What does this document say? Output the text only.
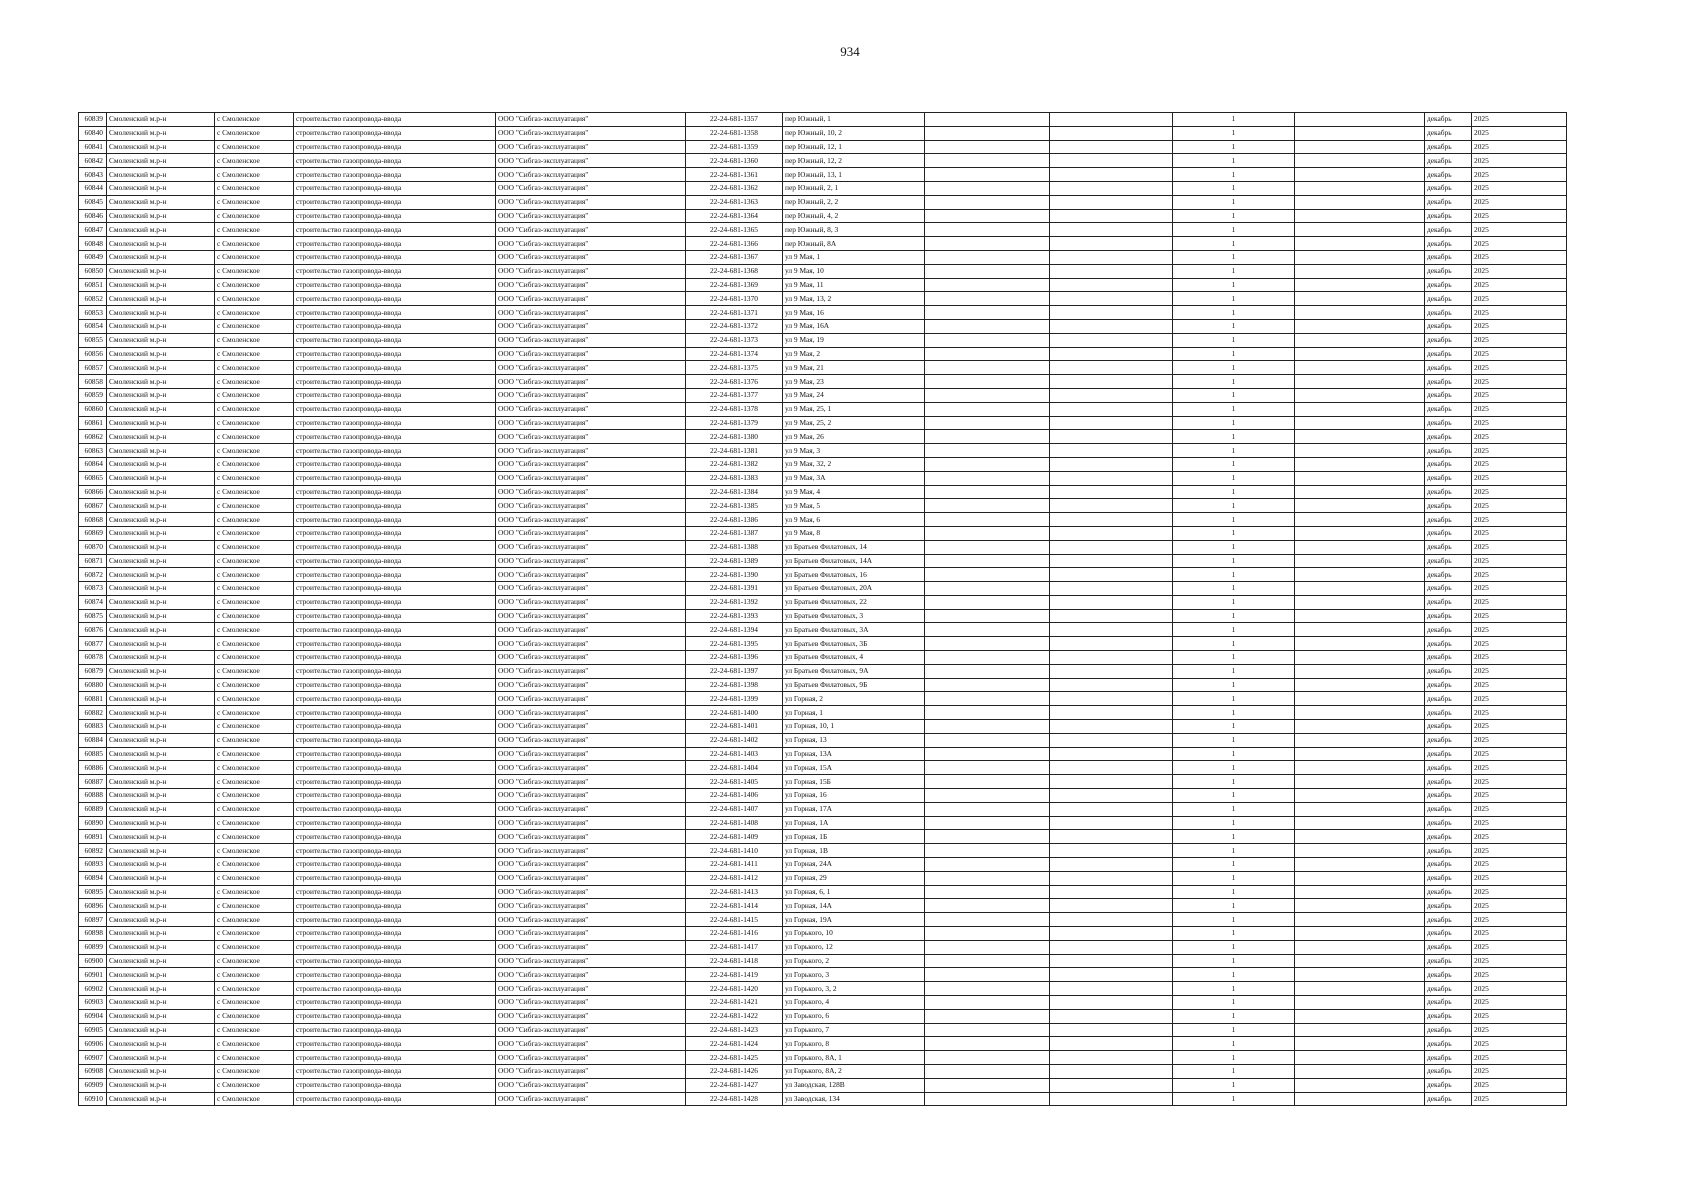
934
60839	Смоленский м.р-н	с Смоленское	строительство газопровода-ввода	ООО "Сибгаз-эксплуатация"	22-24-681-1357	пер Южный, 1			1		декабрь	2025
60840	Смоленский м.р-н	с Смоленское	строительство газопровода-ввода	ООО "Сибгаз-эксплуатация"	22-24-681-1358	пер Южный, 10, 2			1		декабрь	2025
60841	Смоленский м.р-н	с Смоленское	строительство газопровода-ввода	ООО "Сибгаз-эксплуатация"	22-24-681-1359	пер Южный, 12, 1			1		декабрь	2025
60842	Смоленский м.р-н	с Смоленское	строительство газопровода-ввода	ООО "Сибгаз-эксплуатация"	22-24-681-1360	пер Южный, 12, 2			1		декабрь	2025
60843	Смоленский м.р-н	с Смоленское	строительство газопровода-ввода	ООО "Сибгаз-эксплуатация"	22-24-681-1361	пер Южный, 13, 1			1		декабрь	2025
60844	Смоленский м.р-н	с Смоленское	строительство газопровода-ввода	ООО "Сибгаз-эксплуатация"	22-24-681-1362	пер Южный, 2, 1			1		декабрь	2025
60845	Смоленский м.р-н	с Смоленское	строительство газопровода-ввода	ООО "Сибгаз-эксплуатация"	22-24-681-1363	пер Южный, 2, 2			1		декабрь	2025
60846	Смоленский м.р-н	с Смоленское	строительство газопровода-ввода	ООО "Сибгаз-эксплуатация"	22-24-681-1364	пер Южный, 4, 2			1		декабрь	2025
60847	Смоленский м.р-н	с Смоленское	строительство газопровода-ввода	ООО "Сибгаз-эксплуатация"	22-24-681-1365	пер Южный, 8, 3			1		декабрь	2025
60848	Смоленский м.р-н	с Смоленское	строительство газопровода-ввода	ООО "Сибгаз-эксплуатация"	22-24-681-1366	пер Южный, 8А			1		декабрь	2025
60849	Смоленский м.р-н	с Смоленское	строительство газопровода-ввода	ООО "Сибгаз-эксплуатация"	22-24-681-1367	ул 9 Мая, 1			1		декабрь	2025
60850	Смоленский м.р-н	с Смоленское	строительство газопровода-ввода	ООО "Сибгаз-эксплуатация"	22-24-681-1368	ул 9 Мая, 10			1		декабрь	2025
60851	Смоленский м.р-н	с Смоленское	строительство газопровода-ввода	ООО "Сибгаз-эксплуатация"	22-24-681-1369	ул 9 Мая, 11			1		декабрь	2025
60852	Смоленский м.р-н	с Смоленское	строительство газопровода-ввода	ООО "Сибгаз-эксплуатация"	22-24-681-1370	ул 9 Мая, 13, 2			1		декабрь	2025
60853	Смоленский м.р-н	с Смоленское	строительство газопровода-ввода	ООО "Сибгаз-эксплуатация"	22-24-681-1371	ул 9 Мая, 16			1		декабрь	2025
60854	Смоленский м.р-н	с Смоленское	строительство газопровода-ввода	ООО "Сибгаз-эксплуатация"	22-24-681-1372	ул 9 Мая, 16А			1		декабрь	2025
60855	Смоленский м.р-н	с Смоленское	строительство газопровода-ввода	ООО "Сибгаз-эксплуатация"	22-24-681-1373	ул 9 Мая, 19			1		декабрь	2025
60856	Смоленский м.р-н	с Смоленское	строительство газопровода-ввода	ООО "Сибгаз-эксплуатация"	22-24-681-1374	ул 9 Мая, 2			1		декабрь	2025
60857	Смоленский м.р-н	с Смоленское	строительство газопровода-ввода	ООО "Сибгаз-эксплуатация"	22-24-681-1375	ул 9 Мая, 21			1		декабрь	2025
60858	Смоленский м.р-н	с Смоленское	строительство газопровода-ввода	ООО "Сибгаз-эксплуатация"	22-24-681-1376	ул 9 Мая, 23			1		декабрь	2025
60859	Смоленский м.р-н	с Смоленское	строительство газопровода-ввода	ООО "Сибгаз-эксплуатация"	22-24-681-1377	ул 9 Мая, 24			1		декабрь	2025
60860	Смоленский м.р-н	с Смоленское	строительство газопровода-ввода	ООО "Сибгаз-эксплуатация"	22-24-681-1378	ул 9 Мая, 25, 1			1		декабрь	2025
60861	Смоленский м.р-н	с Смоленское	строительство газопровода-ввода	ООО "Сибгаз-эксплуатация"	22-24-681-1379	ул 9 Мая, 25, 2			1		декабрь	2025
60862	Смоленский м.р-н	с Смоленское	строительство газопровода-ввода	ООО "Сибгаз-эксплуатация"	22-24-681-1380	ул 9 Мая, 26			1		декабрь	2025
60863	Смоленский м.р-н	с Смоленское	строительство газопровода-ввода	ООО "Сибгаз-эксплуатация"	22-24-681-1381	ул 9 Мая, 3			1		декабрь	2025
60864	Смоленский м.р-н	с Смоленское	строительство газопровода-ввода	ООО "Сибгаз-эксплуатация"	22-24-681-1382	ул 9 Мая, 32, 2			1		декабрь	2025
60865	Смоленский м.р-н	с Смоленское	строительство газопровода-ввода	ООО "Сибгаз-эксплуатация"	22-24-681-1383	ул 9 Мая, 3А			1		декабрь	2025
60866	Смоленский м.р-н	с Смоленское	строительство газопровода-ввода	ООО "Сибгаз-эксплуатация"	22-24-681-1384	ул 9 Мая, 4			1		декабрь	2025
60867	Смоленский м.р-н	с Смоленское	строительство газопровода-ввода	ООО "Сибгаз-эксплуатация"	22-24-681-1385	ул 9 Мая, 5			1		декабрь	2025
60868	Смоленский м.р-н	с Смоленское	строительство газопровода-ввода	ООО "Сибгаз-эксплуатация"	22-24-681-1386	ул 9 Мая, 6			1		декабрь	2025
60869	Смоленский м.р-н	с Смоленское	строительство газопровода-ввода	ООО "Сибгаз-эксплуатация"	22-24-681-1387	ул 9 Мая, 8			1		декабрь	2025
60870	Смоленский м.р-н	с Смоленское	строительство газопровода-ввода	ООО "Сибгаз-эксплуатация"	22-24-681-1388	ул Братьев Филатовых, 14			1		декабрь	2025
60871	Смоленский м.р-н	с Смоленское	строительство газопровода-ввода	ООО "Сибгаз-эксплуатация"	22-24-681-1389	ул Братьев Филатовых, 14А			1		декабрь	2025
60872	Смоленский м.р-н	с Смоленское	строительство газопровода-ввода	ООО "Сибгаз-эксплуатация"	22-24-681-1390	ул Братьев Филатовых, 16			1		декабрь	2025
60873	Смоленский м.р-н	с Смоленское	строительство газопровода-ввода	ООО "Сибгаз-эксплуатация"	22-24-681-1391	ул Братьев Филатовых, 20А			1		декабрь	2025
60874	Смоленский м.р-н	с Смоленское	строительство газопровода-ввода	ООО "Сибгаз-эксплуатация"	22-24-681-1392	ул Братьев Филатовых, 22			1		декабрь	2025
60875	Смоленский м.р-н	с Смоленское	строительство газопровода-ввода	ООО "Сибгаз-эксплуатация"	22-24-681-1393	ул Братьев Филатовых, 3			1		декабрь	2025
60876	Смоленский м.р-н	с Смоленское	строительство газопровода-ввода	ООО "Сибгаз-эксплуатация"	22-24-681-1394	ул Братьев Филатовых, 3А			1		декабрь	2025
60877	Смоленский м.р-н	с Смоленское	строительство газопровода-ввода	ООО "Сибгаз-эксплуатация"	22-24-681-1395	ул Братьев Филатовых, 3Б			1		декабрь	2025
60878	Смоленский м.р-н	с Смоленское	строительство газопровода-ввода	ООО "Сибгаз-эксплуатация"	22-24-681-1396	ул Братьев Филатовых, 4			1		декабрь	2025
60879	Смоленский м.р-н	с Смоленское	строительство газопровода-ввода	ООО "Сибгаз-эксплуатация"	22-24-681-1397	ул Братьев Филатовых, 9А			1		декабрь	2025
60880	Смоленский м.р-н	с Смоленское	строительство газопровода-ввода	ООО "Сибгаз-эксплуатация"	22-24-681-1398	ул Братьев Филатовых, 9Б			1		декабрь	2025
60881	Смоленский м.р-н	с Смоленское	строительство газопровода-ввода	ООО "Сибгаз-эксплуатация"	22-24-681-1399	ул Горная, 2			1		декабрь	2025
60882	Смоленский м.р-н	с Смоленское	строительство газопровода-ввода	ООО "Сибгаз-эксплуатация"	22-24-681-1400	ул Горная, 1			1		декабрь	2025
60883	Смоленский м.р-н	с Смоленское	строительство газопровода-ввода	ООО "Сибгаз-эксплуатация"	22-24-681-1401	ул Горная, 10, 1			1		декабрь	2025
60884	Смоленский м.р-н	с Смоленское	строительство газопровода-ввода	ООО "Сибгаз-эксплуатация"	22-24-681-1402	ул Горная, 13			1		декабрь	2025
60885	Смоленский м.р-н	с Смоленское	строительство газопровода-ввода	ООО "Сибгаз-эксплуатация"	22-24-681-1403	ул Горная, 13А			1		декабрь	2025
60886	Смоленский м.р-н	с Смоленское	строительство газопровода-ввода	ООО "Сибгаз-эксплуатация"	22-24-681-1404	ул Горная, 15А			1		декабрь	2025
60887	Смоленский м.р-н	с Смоленское	строительство газопровода-ввода	ООО "Сибгаз-эксплуатация"	22-24-681-1405	ул Горная, 15Б			1		декабрь	2025
60888	Смоленский м.р-н	с Смоленское	строительство газопровода-ввода	ООО "Сибгаз-эксплуатация"	22-24-681-1406	ул Горная, 16			1		декабрь	2025
60889	Смоленский м.р-н	с Смоленское	строительство газопровода-ввода	ООО "Сибгаз-эксплуатация"	22-24-681-1407	ул Горная, 17А			1		декабрь	2025
60890	Смоленский м.р-н	с Смоленское	строительство газопровода-ввода	ООО "Сибгаз-эксплуатация"	22-24-681-1408	ул Горная, 1А			1		декабрь	2025
60891	Смоленский м.р-н	с Смоленское	строительство газопровода-ввода	ООО "Сибгаз-эксплуатация"	22-24-681-1409	ул Горная, 1Б			1		декабрь	2025
60892	Смоленский м.р-н	с Смоленское	строительство газопровода-ввода	ООО "Сибгаз-эксплуатация"	22-24-681-1410	ул Горная, 1В			1		декабрь	2025
60893	Смоленский м.р-н	с Смоленское	строительство газопровода-ввода	ООО "Сибгаз-эксплуатация"	22-24-681-1411	ул Горная, 24А			1		декабрь	2025
60894	Смоленский м.р-н	с Смоленское	строительство газопровода-ввода	ООО "Сибгаз-эксплуатация"	22-24-681-1412	ул Горная, 29			1		декабрь	2025
60895	Смоленский м.р-н	с Смоленское	строительство газопровода-ввода	ООО "Сибгаз-эксплуатация"	22-24-681-1413	ул Горная, 6, 1			1		декабрь	2025
60896	Смоленский м.р-н	с Смоленское	строительство газопровода-ввода	ООО "Сибгаз-эксплуатация"	22-24-681-1414	ул Горная, 14А			1		декабрь	2025
60897	Смоленский м.р-н	с Смоленское	строительство газопровода-ввода	ООО "Сибгаз-эксплуатация"	22-24-681-1415	ул Горная, 19А			1		декабрь	2025
60898	Смоленский м.р-н	с Смоленское	строительство газопровода-ввода	ООО "Сибгаз-эксплуатация"	22-24-681-1416	ул Горького, 10			1		декабрь	2025
60899	Смоленский м.р-н	с Смоленское	строительство газопровода-ввода	ООО "Сибгаз-эксплуатация"	22-24-681-1417	ул Горького, 12			1		декабрь	2025
60900	Смоленский м.р-н	с Смоленское	строительство газопровода-ввода	ООО "Сибгаз-эксплуатация"	22-24-681-1418	ул Горького, 2			1		декабрь	2025
60901	Смоленский м.р-н	с Смоленское	строительство газопровода-ввода	ООО "Сибгаз-эксплуатация"	22-24-681-1419	ул Горького, 3			1		декабрь	2025
60902	Смоленский м.р-н	с Смоленское	строительство газопровода-ввода	ООО "Сибгаз-эксплуатация"	22-24-681-1420	ул Горького, 3, 2			1		декабрь	2025
60903	Смоленский м.р-н	с Смоленское	строительство газопровода-ввода	ООО "Сибгаз-эксплуатация"	22-24-681-1421	ул Горького, 4			1		декабрь	2025
60904	Смоленский м.р-н	с Смоленское	строительство газопровода-ввода	ООО "Сибгаз-эксплуатация"	22-24-681-1422	ул Горького, 6			1		декабрь	2025
60905	Смоленский м.р-н	с Смоленское	строительство газопровода-ввода	ООО "Сибгаз-эксплуатация"	22-24-681-1423	ул Горького, 7			1		декабрь	2025
60906	Смоленский м.р-н	с Смоленское	строительство газопровода-ввода	ООО "Сибгаз-эксплуатация"	22-24-681-1424	ул Горького, 8			1		декабрь	2025
60907	Смоленский м.р-н	с Смоленское	строительство газопровода-ввода	ООО "Сибгаз-эксплуатация"	22-24-681-1425	ул Горького, 8А, 1			1		декабрь	2025
60908	Смоленский м.р-н	с Смоленское	строительство газопровода-ввода	ООО "Сибгаз-эксплуатация"	22-24-681-1426	ул Горького, 8А, 2			1		декабрь	2025
60909	Смоленский м.р-н	с Смоленское	строительство газопровода-ввода	ООО "Сибгаз-эксплуатация"	22-24-681-1427	ул Заводская, 128В			1		декабрь	2025
60910	Смоленский м.р-н	с Смоленское	строительство газопровода-ввода	ООО "Сибгаз-эксплуатация"	22-24-681-1428	ул Заводская, 134			1		декабрь	2025
